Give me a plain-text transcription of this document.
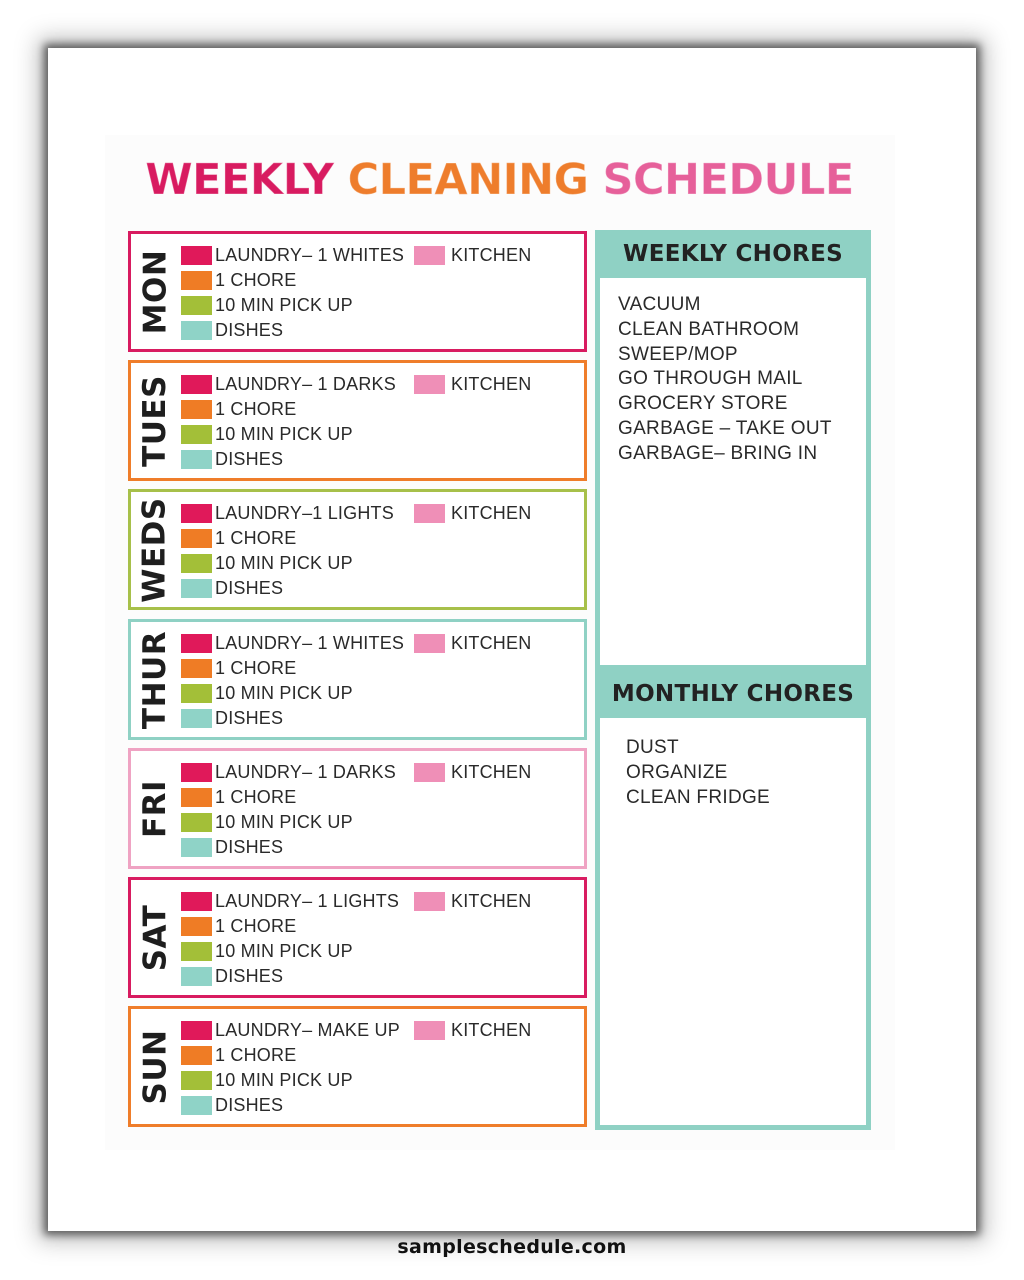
WEEKLY CLEANING SCHEDULE
MON LAUNDRY– 1 WHITES
1 CHORE
10 MIN PICK UP
DISHES
KITCHEN
TUES LAUNDRY– 1 DARKS
1 CHORE
10 MIN PICK UP
DISHES
KITCHEN
WEDS LAUNDRY–1 LIGHTS
1 CHORE
10 MIN PICK UP
DISHES
KITCHEN
THUR LAUNDRY– 1 WHITES
1 CHORE
10 MIN PICK UP
DISHES
KITCHEN
FRI
LAUNDRY– 1 DARKS
1 CHORE
10 MIN PICK UP
DISHES
KITCHEN
SAT
LAUNDRY– 1 LIGHTS
1 CHORE
10 MIN PICK UP
DISHES
KITCHEN
SUN LAUNDRY– MAKE UP
1 CHORE
10 MIN PICK UP
DISHES
KITCHEN
WEEKLY CHORES
VACUUM
CLEAN BATHROOM
SWEEP/MOP
GO THROUGH MAIL
GROCERY STORE
GARBAGE – TAKE OUT
GARBAGE– BRING IN
MONTHLY CHORES
DUST
ORGANIZE
CLEAN FRIDGE
sampleschedule.com
